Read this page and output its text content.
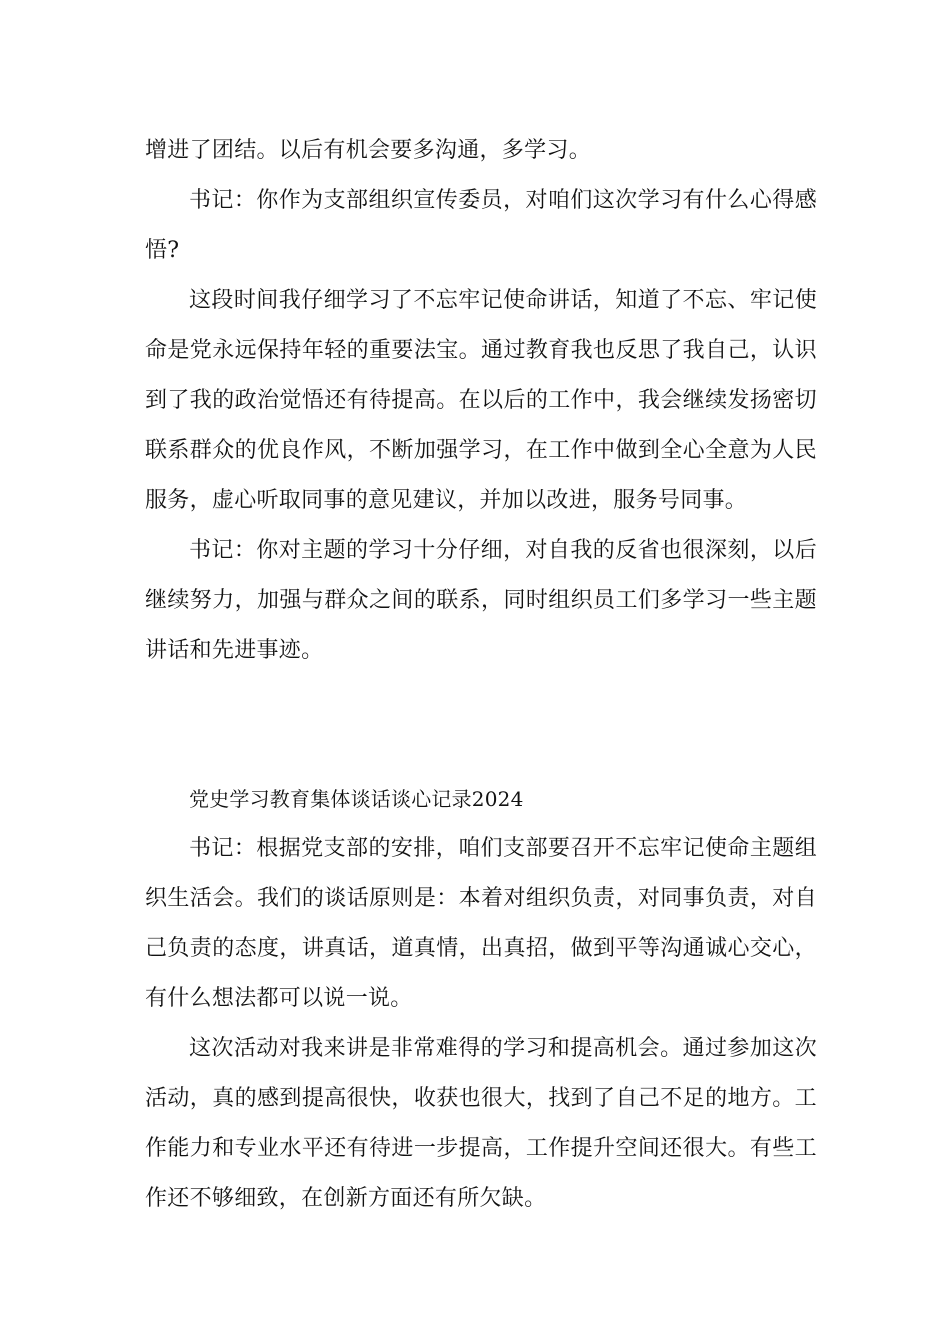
增进了团结。以后有机会要多沟通，多学习。

书记：你作为支部组织宣传委员，对咱们这次学习有什么心得感悟?

这段时间我仔细学习了不忘牢记使命讲话，知道了不忘、牢记使命是党永远保持年轻的重要法宝。通过教育我也反思了我自己，认识到了我的政治觉悟还有待提高。在以后的工作中，我会继续发扬密切联系群众的优良作风，不断加强学习，在工作中做到全心全意为人民服务，虚心听取同事的意见建议，并加以改进，服务号同事。

书记：你对主题的学习十分仔细，对自我的反省也很深刻，以后继续努力，加强与群众之间的联系，同时组织员工们多学习一些主题讲话和先进事迹。

党史学习教育集体谈话谈心记录2024

书记：根据党支部的安排，咱们支部要召开不忘牢记使命主题组织生活会。我们的谈话原则是：本着对组织负责，对同事负责，对自己负责的态度，讲真话，道真情，出真招，做到平等沟通诚心交心，有什么想法都可以说一说。

这次活动对我来讲是非常难得的学习和提高机会。通过参加这次活动，真的感到提高很快，收获也很大，找到了自己不足的地方。工作能力和专业水平还有待进一步提高，工作提升空间还很大。有些工作还不够细致，在创新方面还有所欠缺。
